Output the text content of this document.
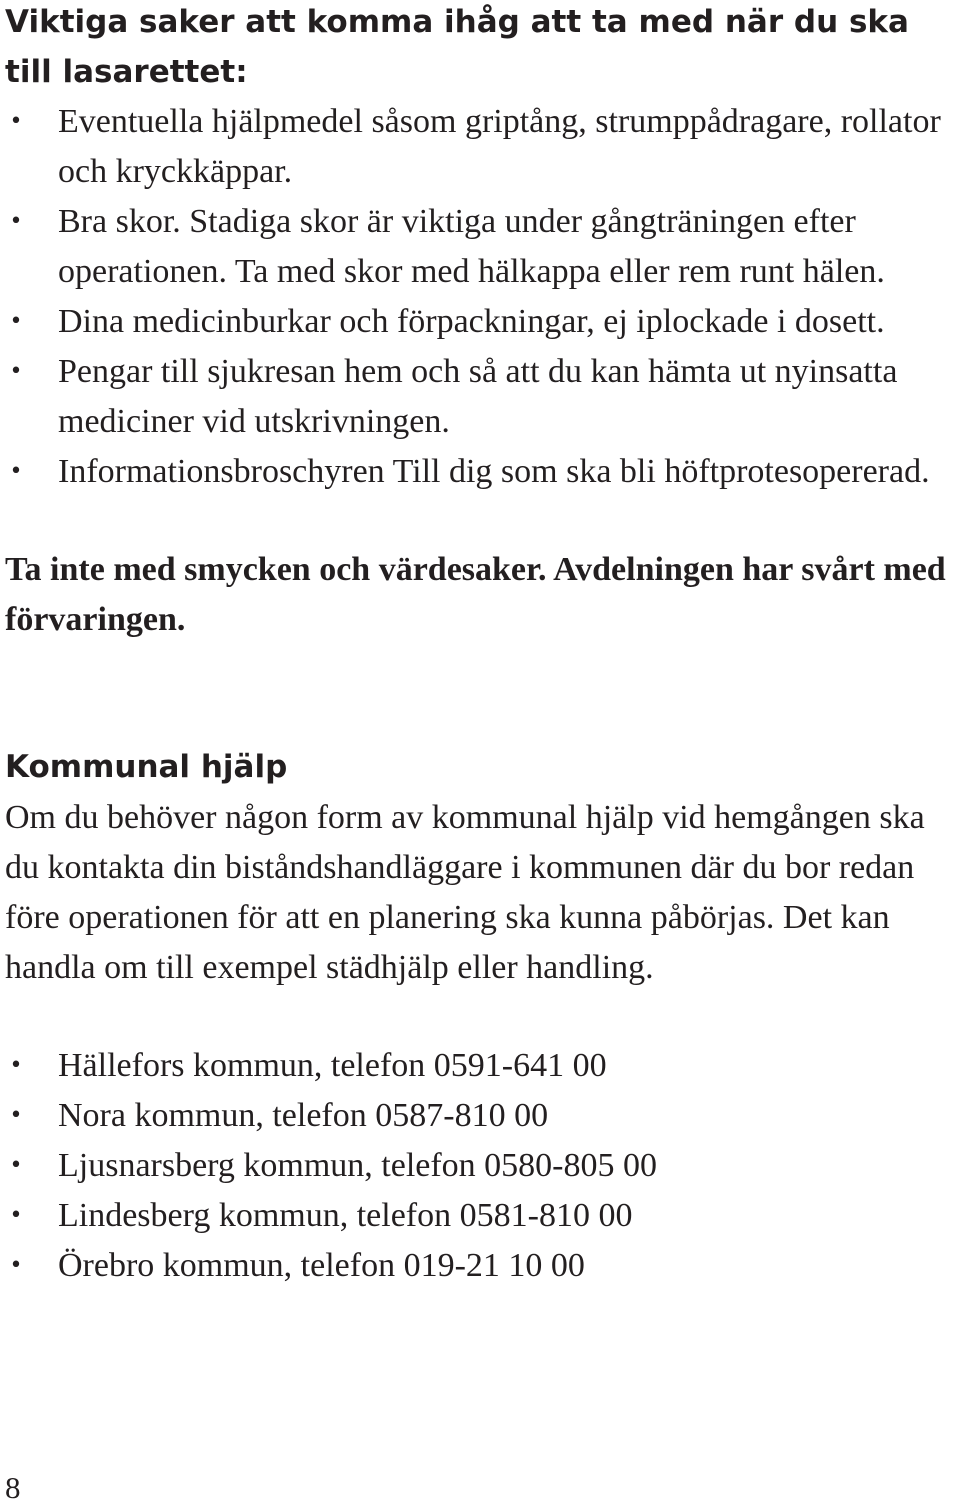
Viktiga saker att komma ihåg att ta med när du ska till lasarettet:
• Eventuella hjälpmedel såsom griptång, strumppådragare, rollator och kryckkäppar.
• Bra skor. Stadiga skor är viktiga under gångträningen efter operationen. Ta med skor med hälkappa eller rem runt hälen.
• Dina medicinburkar och förpackningar, ej iplockade i dosett.
• Pengar till sjukresan hem och så att du kan hämta ut nyinsatta mediciner vid utskrivningen.
• Informationsbroschyren Till dig som ska bli höftprotesopererad.

Ta inte med smycken och värdesaker. Avdelningen har svårt med förvaringen.

Kommunal hjälp

Om du behöver någon form av kommunal hjälp vid hemgången ska du kontakta din biståndshandläggare i kommunen där du bor redan före operationen för att en planering ska kunna påbörjas. Det kan handla om till exempel städhjälp eller handling.

• Hällefors kommun, telefon 0591-641 00
• Nora kommun, telefon 0587-810 00
• Ljusnarsberg kommun, telefon 0580-805 00
• Lindesberg kommun, telefon 0581-810 00
• Örebro kommun, telefon 019-21 10 00
8
